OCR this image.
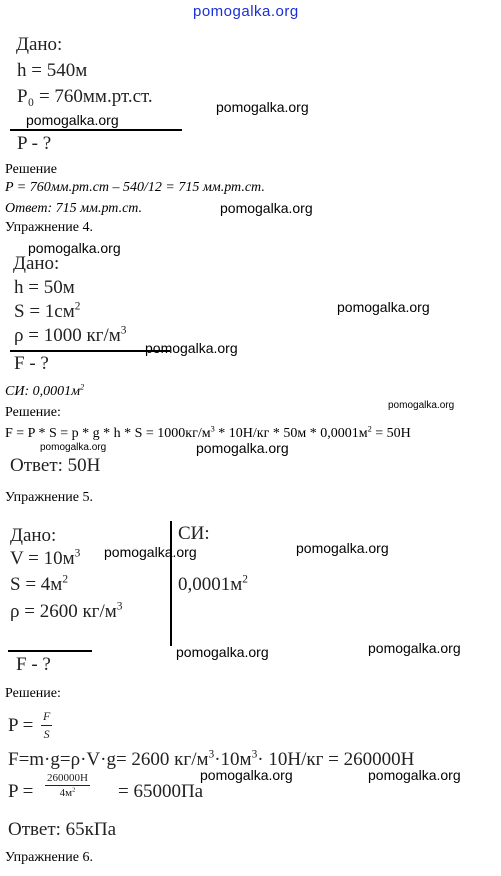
pomogalka.org
Дано:
h = 540м
P₀ = 760мм.рт.ст.
P - ?
Решение
P = 760мм.рт.ст – 540/12 = 715 мм.рт.ст.
Ответ: 715 мм.рт.ст.
Упражнение 4.
Дано:
h = 50м
$S = 1см^2$
ρ = 1000 $кг/м^3$
F - ?
СИ: $0,0001м^2$
Решение:
$F = P * S = p * g * h * S = 1000кг/м^3 * 10Н/кг * 50м * 0,0001м^2 = 50Н$
Ответ: 50Н
Упражнение 5.
Дано:	СИ:
$V = 10м^3$
$S = 4м^2$	$0,0001м^2$
ρ = 2600 $кг/м^3$
F - ?
Решение:
$P = \frac{F}{S}$
F=m·g=ρ·V·g= 2600 $кг/м^3\cdot 10м^3\cdot 10Н/кг = 260000Н$
P =
260000Н
$4м^2$	= 65000Па
Ответ: 65кПа
Упражнение 6.
pomogalka.org
pomogalka.org
pomogalka.org
pomogalka.org
pomogalka.org
pomogalka.org
pomogalka.org
pomogalka.org	pomogalka.org
pomogalka.org	pomogalka.org
pomogalka.org
pomogalka.org
pomogalka.org	pomogalka.org
